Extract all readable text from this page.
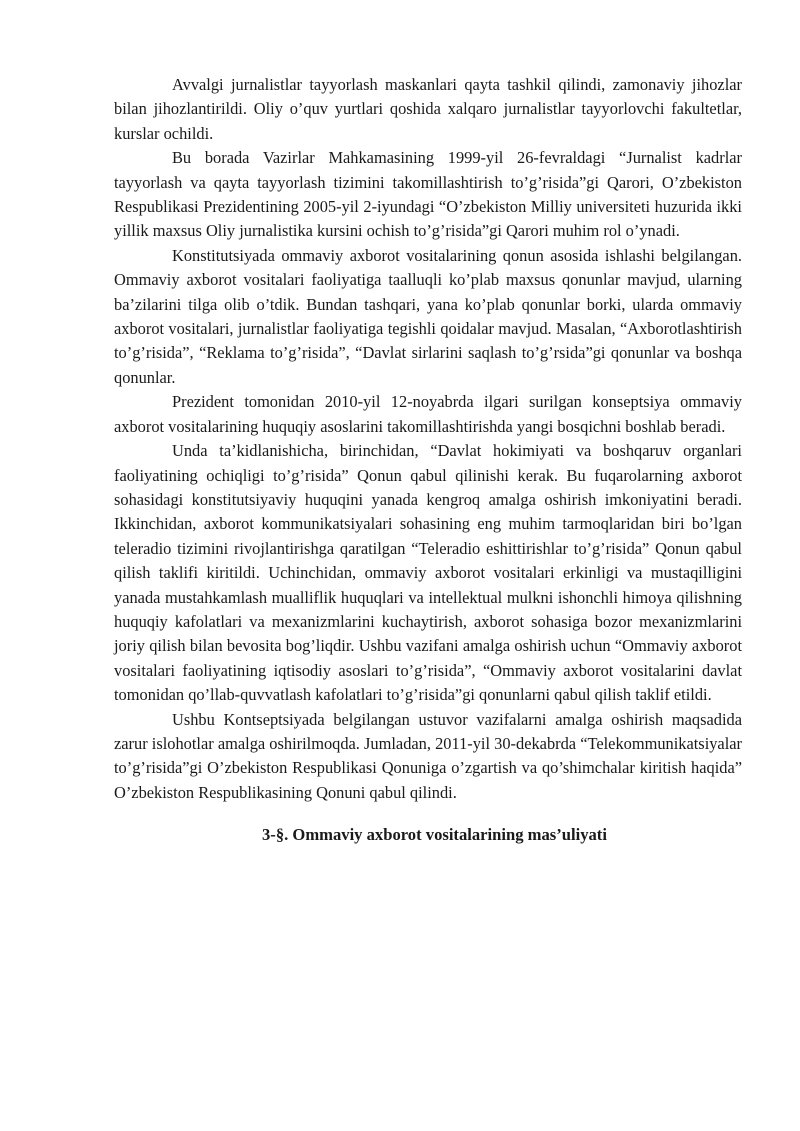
Avvalgi jurnalistlar tayyorlash maskanlari qayta tashkil qilindi, zamonaviy jihozlar bilan jihozlantirildi. Oliy o’quv yurtlari qoshida xalqaro jurnalistlar tayyorlovchi fakultetlar, kurslar ochildi.

Bu borada Vazirlar Mahkamasining 1999-yil 26-fevraldagi “Jurnalist kadrlar tayyorlash va qayta tayyorlash tizimini takomillashtirish to’g’risida”gi Qarori, O’zbekiston Respublikasi Prezidentining 2005-yil 2-iyundagi “O’zbekiston Milliy universiteti huzurida ikki yillik maxsus Oliy jurnalistika kursini ochish to’g’risida”gi Qarori muhim rol o’ynadi.

Konstitutsiyada ommaviy axborot vositalarining qonun asosida ishlashi belgilangan. Ommaviy axborot vositalari faoliyatiga taalluqli ko’plab maxsus qonunlar mavjud, ularning ba’zilarini tilga olib o’tdik. Bundan tashqari, yana ko’plab qonunlar borki, ularda ommaviy axborot vositalari, jurnalistlar faoliyatiga tegishli qoidalar mavjud. Masalan, “Axborotlashtirish to’g’risida”, “Reklama to’g’risida”, “Davlat sirlarini saqlash to’g’rsida”gi qonunlar va boshqa qonunlar.

Prezident tomonidan 2010-yil 12-noyabrda ilgari surilgan konseptsiya ommaviy axborot vositalarining huquqiy asoslarini takomillashtirishda yangi bosqichni boshlab beradi.

Unda ta’kidlanishicha, birinchidan, “Davlat hokimiyati va boshqaruv organlari faoliyatining ochiqligi to’g’risida” Qonun qabul qilinishi kerak. Bu fuqarolarning axborot sohasidagi konstitutsiyaviy huquqini yanada kengroq amalga oshirish imkoniyatini beradi. Ikkinchidan, axborot kommunikatsiyalari sohasining eng muhim tarmoqlaridan biri bo’lgan teleradio tizimini rivojlantirishga qaratilgan “Teleradio eshittirishlar to’g’risida” Qonun qabul qilish taklifi kiritildi. Uchinchidan, ommaviy axborot vositalari erkinligi va mustaqilligini yanada mustahkamlash mualliflik huquqlari va intellektual mulkni ishonchli himoya qilishning huquqiy kafolatlari va mexanizmlarini kuchaytirish, axborot sohasiga bozor mexanizmlarini joriy qilish bilan bevosita bog’liqdir. Ushbu vazifani amalga oshirish uchun “Ommaviy axborot vositalari faoliyatining iqtisodiy asoslari to’g’risida”, “Ommaviy axborot vositalarini davlat tomonidan qo’llab-quvvatlash kafolatlari to’g’risida”gi qonunlarni qabul qilish taklif etildi.

Ushbu Kontseptsiyada belgilangan ustuvor vazifalarni amalga oshirish maqsadida zarur islohotlar amalga oshirilmoqda. Jumladan, 2011-yil 30-dekabrda “Telekommunikatsiyalar to’g’risida”gi O’zbekiston Respublikasi Qonuniga o’zgartish va qo’shimchalar kiritish haqida” O’zbekiston Respublikasining Qonuni qabul qilindi.

3-§. Ommaviy axborot vositalarining mas’uliyati
